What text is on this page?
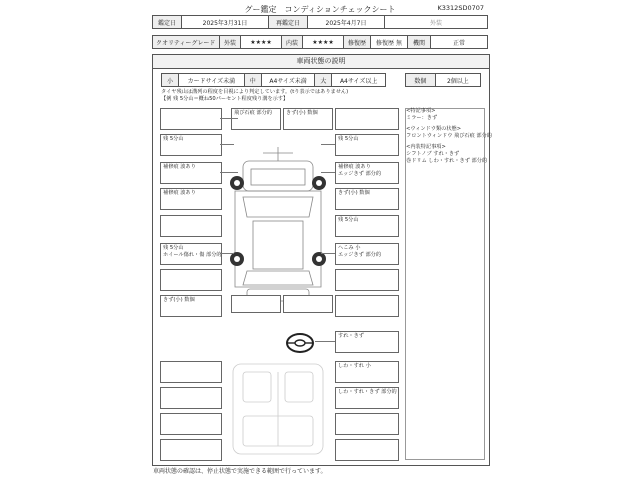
グー鑑定　コンディションチェックシート	K3312SD0707
鑑定日	2025年3月31日	再鑑定日	2025年4月7日	外装
クオリティーグレード	外装	★★★★	内装	★★★★	修復歴	修復歴 無	機関	正常
車両状態の説明
小	カードサイズ未満	中	A4サイズ未満	大	A4サイズ以上	数個	2個以上
タイヤ残山は溝列の程度を目視により判定しています。(tり表示ではありません)
【例 残 5分山＝概ね50パーセント程度残り溝を示す】
残 5分山
補修痕 波あり
補修痕 波あり
残 5分山
ホイール傷れ・傷 部分的
きず(小) 数個
飛び石痕 部分的	きず(小) 数個
残 5分山
補修痕 波あり
エッジきず 部分的
きず(小) 数個
残 5分山
へこみ 小
エッジきず 部分的
すれ・きず
しわ・すれ 小
しわ・すれ・きず 部分的
<特記事項>
ミラー：きず
<ウィンドウ類の状態>
フロントウィンドウ 飛び石痕 部分的
<内装特記事項>
シフトノブ すれ・きず
巻ドリム しわ・すれ・きず 部分的
車両状態の確認は、停止状態で実施できる範囲で行っています。
